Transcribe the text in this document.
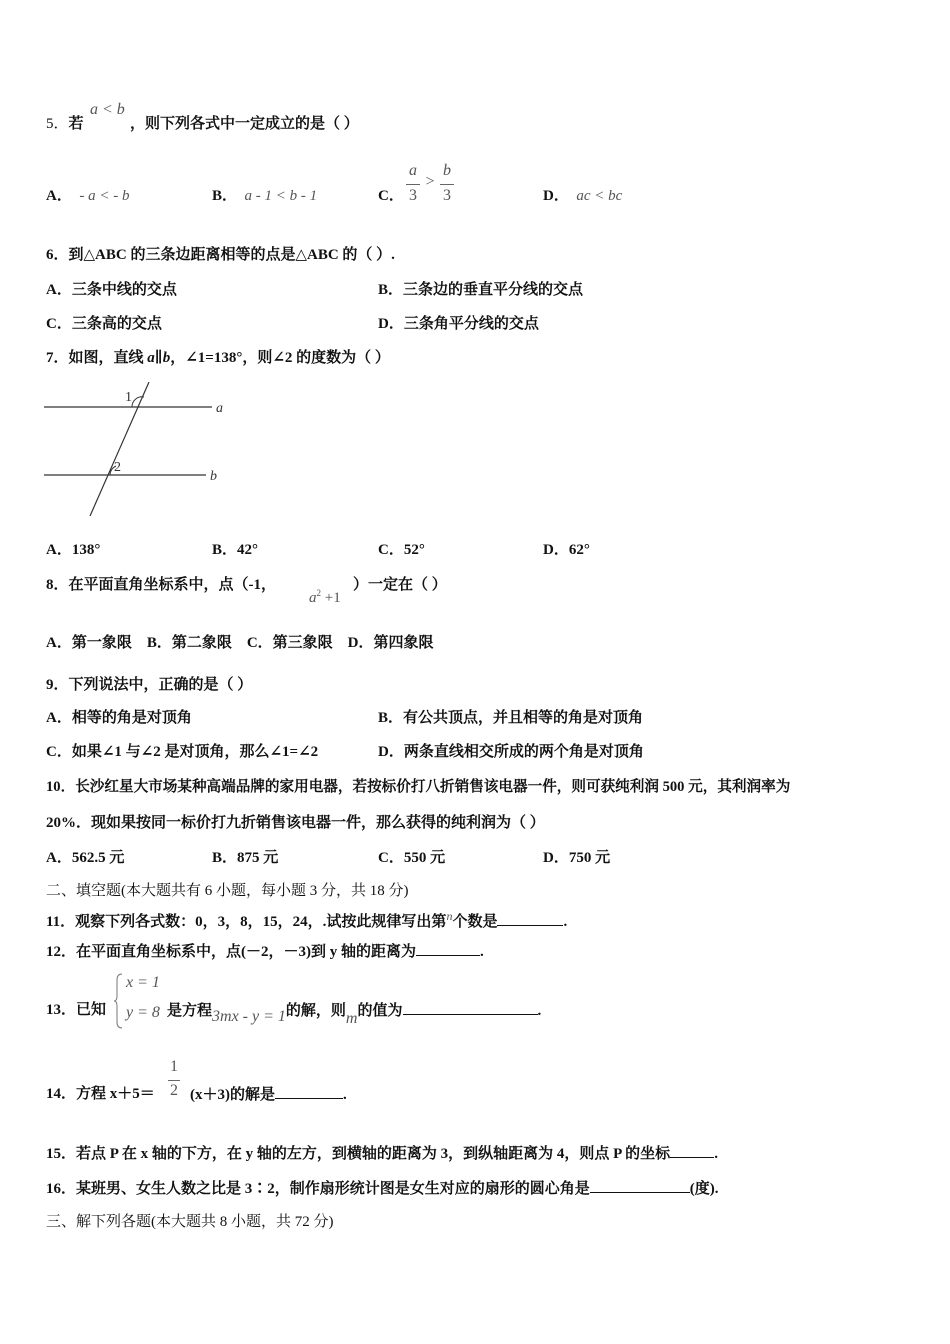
5．若
a < b
，则下列各式中一定成立的是（ ）
A． - a < - b	B． a - 1 < b - 1	C．
a
3
>
b
3	D． ac < bc
6．到△ABC 的三条边距离相等的点是△ABC 的（ ）.
A．三条中线的交点	B．三条边的垂直平分线的交点
C．三条高的交点	D．三条角平分线的交点
7．如图，直线 a∥b，∠1=138°，则∠2 的度数为（ ）
1
2
a
b
A．138°	B．42°	C．52°	D．62°
8．在平面直角坐标系中，点（-1，
$a^2 +1$
）一定在（ ）
A．第一象限    B．第二象限    C．第三象限    D．第四象限
9．下列说法中，正确的是（ ）
A．相等的角是对顶角	B．有公共顶点，并且相等的角是对顶角
C．如果∠1 与∠2 是对顶角，那么∠1=∠2	D．两条直线相交所成的两个角是对顶角
10．长沙红星大市场某种高端品牌的家用电器，若按标价打八折销售该电器一件，则可获纯利润 500 元，其利润率为
20%．现如果按同一标价打九折销售该电器一件，那么获得的纯利润为（ ）
A．562.5 元	B．875 元	C．550 元	D．750 元
二、填空题(本大题共有 6 小题，每小题 3 分，共 18 分)
11．观察下列各式数：0，3，8，15，24，.试按此规律写出第$^n$个数是	.
12．在平面直角坐标系中，点(－2，－3)到 y 轴的距离为	.
13．已知
x = 1
y = 8 是方程3mx - y = 1的解，则m的值为	.
14．方程 x＋5＝
1
2 (x＋3)的解是	.
15．若点 P 在 x 轴的下方，在 y 轴的左方，到横轴的距离为 3，到纵轴距离为 4，则点 P 的坐标	.
16．某班男、女生人数之比是 3∶2，制作扇形统计图是女生对应的扇形的圆心角是	(度).
三、解下列各题(本大题共 8 小题，共 72 分)
